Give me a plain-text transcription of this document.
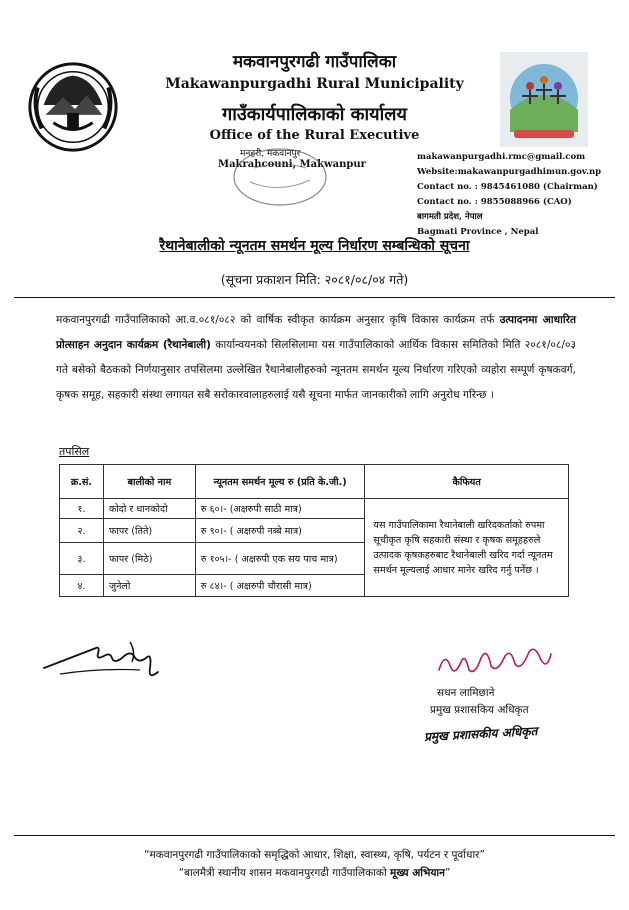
मकवानपुरगढी गाउँपालिका
Makawanpurgadhi Rural Municipality
गाउँकार्यपालिकाको कार्यालय
Office of the Rural Executive
मनहरी, मकवानपुर
Makrahcouni, Makwanpur
makawanpurgadhi.rmc@gmail.com
Website:makawanpurgadhimun.gov.np
Contact no. : 9845461080 (Chairman)
Contact no. : 9855088966 (CAO)
बागमती प्रदेश, नेपाल
Bagmati Province , Nepal
रैथानेबालीको न्यूनतम समर्थन मूल्य निर्धारण सम्बन्धिको सूचना
(सूचना प्रकाशन मिति: २०८१/०८/०४ गते)
मकवानपुरगढी गाउँपालिकाको आ.व.०८१/०८२ को वार्षिक स्वीकृत कार्यक्रम अनुसार कृषि विकास कार्यक्रम तर्फ उत्पादनमा आधारित प्रोत्साहन अनुदान कार्यक्रम (रैथानेबाली) कार्यान्वयनको सिलसिलामा यस गाउँपालिकाको आर्थिक विकास समितिको मिति २०८१/०८/०३ गते बसेको बैठकको निर्णयानुसार तपसिलमा उल्लेखित रैथानेबालीहरुको न्यूनतम समर्थन मूल्य निर्धारण गरिएको व्यहोरा सम्पूर्ण कृषकवर्ग, कृषक समूह, सहकारी संस्था लगायत सबै सरोकारवालाहरुलाई यसै सूचना मार्फत जानकारीको लागि अनुरोध गरिन्छ ।
तपसिल
क्र.सं.	बालीको नाम	न्यूनतम समर्थन मूल्य रु (प्रति के.जी.)	कैफियत
१.	कोदो र धानकोदो	रु ६०।- (अक्षरुपी साठी मात्र)	यस गाउँपालिकामा रैथानेबाली खरिदकर्ताको रुपमा सूचीकृत कृषि सहकारी संस्था र कृषक समूहहरुले उत्पादक कृषकहरुबाट रैथानेबाली खरिद गर्दा न्यूनतम समर्थन मूल्यलाई आधार मानेर खरिद गर्नु पर्नेछ ।
२.	फापर (तिते)	रु ९०।- ( अक्षरुपी नब्बे मात्र)	
३.	फापर (मिठे)	रु १०५।- ( अक्षरुपी एक सय पाच मात्र)	
४.	जुनेलो	रु ८४।- ( अक्षरुपी चौरासी मात्र)	
सधन लामिछाने
प्रमुख प्रशासकिय अधिकृत
प्रमुख प्रशासकीय अधिकृत
“मकवानपुरगढी गाउँपालिकाको समृद्धिको आधार, शिक्षा, स्वास्थ्य, कृषि, पर्यटन र पूर्वाधार”
“बालमैत्री स्थानीय शासन मकवानपुरगढी गाउँपालिकाको मूख्य अभियान”
